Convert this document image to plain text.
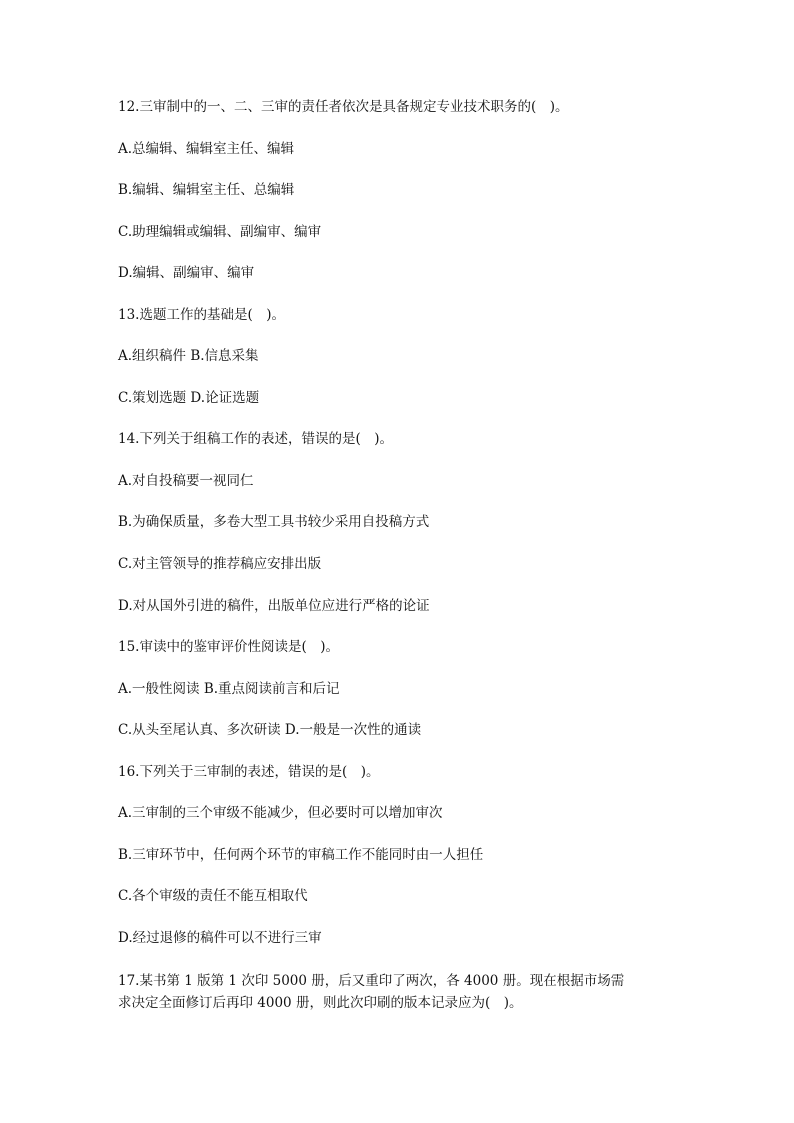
12.三审制中的一、二、三审的责任者依次是具备规定专业技术职务的(　)。
A.总编辑、编辑室主任、编辑
B.编辑、编辑室主任、总编辑
C.助理编辑或编辑、副编审、编审
D.编辑、副编审、编审
13.选题工作的基础是(　)。
A.组织稿件 B.信息采集
C.策划选题 D.论证选题
14.下列关于组稿工作的表述，错误的是(　)。
A.对自投稿要一视同仁
B.为确保质量，多卷大型工具书较少采用自投稿方式
C.对主管领导的推荐稿应安排出版
D.对从国外引进的稿件，出版单位应进行严格的论证
15.审读中的鉴审评价性阅读是(　)。
A.一般性阅读 B.重点阅读前言和后记
C.从头至尾认真、多次研读 D.一般是一次性的通读
16.下列关于三审制的表述，错误的是(　)。
A.三审制的三个审级不能减少，但必要时可以增加审次
B.三审环节中，任何两个环节的审稿工作不能同时由一人担任
C.各个审级的责任不能互相取代
D.经过退修的稿件可以不进行三审
17.某书第 1 版第 1 次印 5000 册，后又重印了两次，各 4000 册。现在根据市场需求决定全面修订后再印 4000 册，则此次印刷的版本记录应为(　)。
